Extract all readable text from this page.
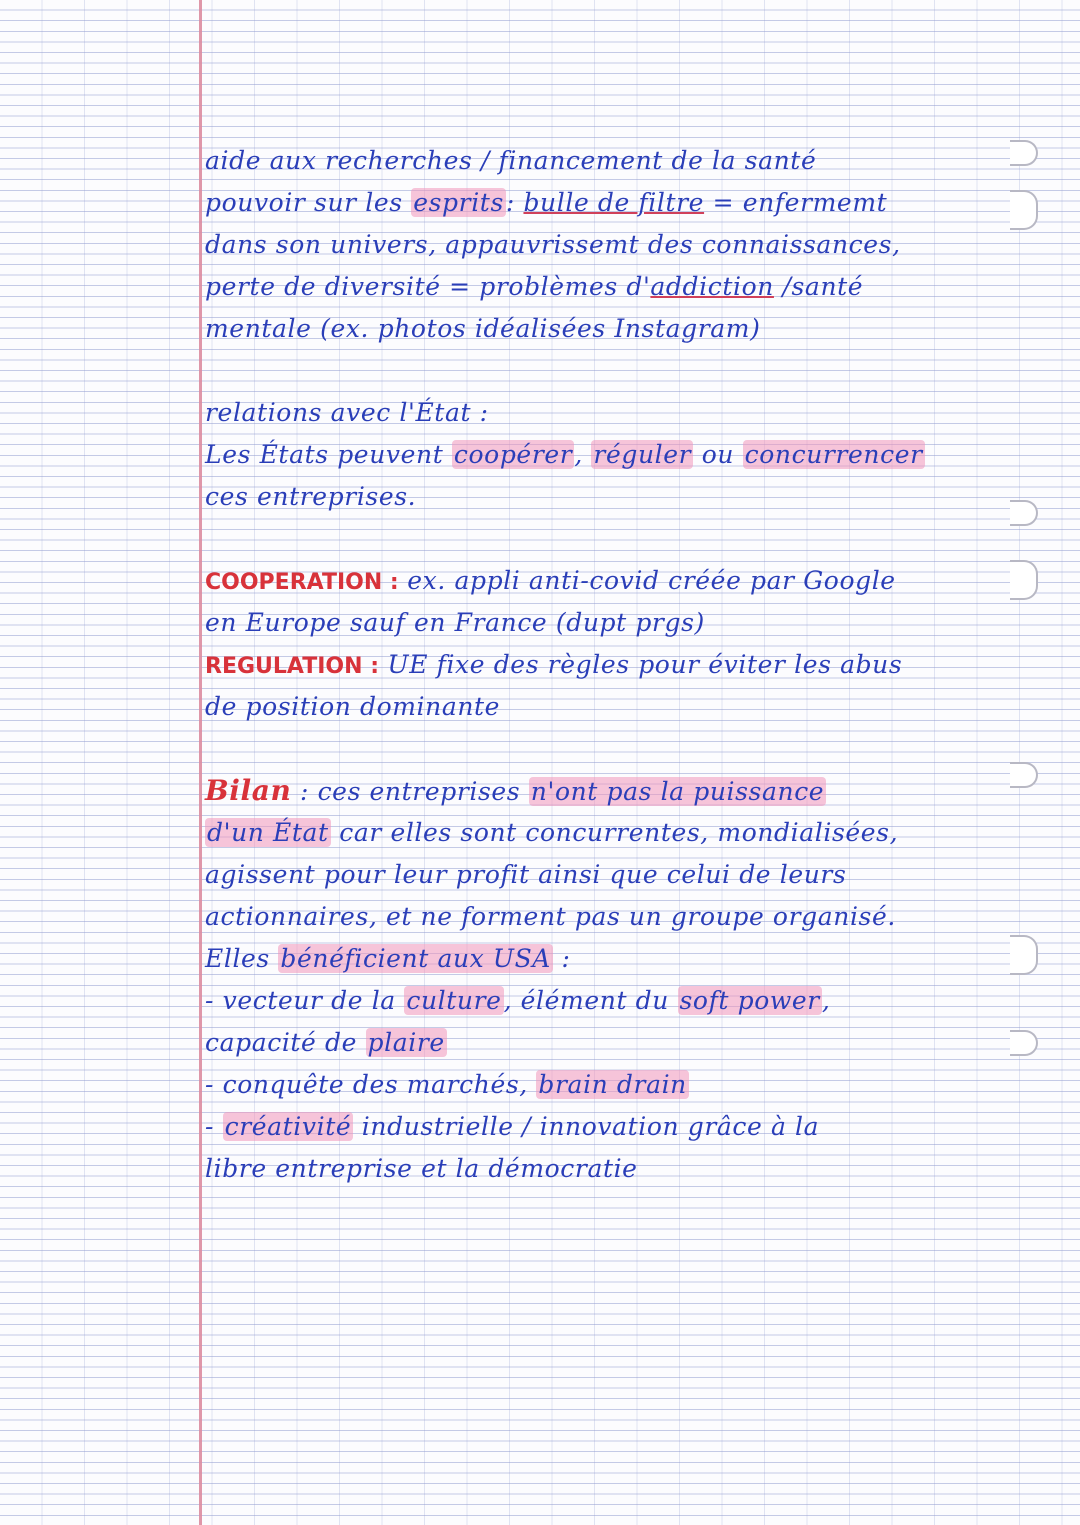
aide aux recherches / financement de la santé
pouvoir sur les esprits: bulle de filtre = enfermemt
dans son univers, appauvrissemt des connaissances,
perte de diversité = problèmes d'addiction /santé
mentale (ex. photos idéalisées Instagram)
relations avec l'État :
Les États peuvent coopérer, réguler ou concurrencer
ces entreprises.
COOPERATION : ex. appli anti-covid créée par Google
en Europe sauf en France (dupt prgs)
REGULATION : UE fixe des règles pour éviter les abus
de position dominante
Bilan : ces entreprises n'ont pas la puissance
d'un État car elles sont concurrentes, mondialisées,
agissent pour leur profit ainsi que celui de leurs
actionnaires, et ne forment pas un groupe organisé.
Elles bénéficient aux USA :
- vecteur de la culture, élément du soft power,
capacité de plaire
- conquête des marchés, brain drain
- créativité industrielle / innovation grâce à la
libre entreprise et la démocratie
